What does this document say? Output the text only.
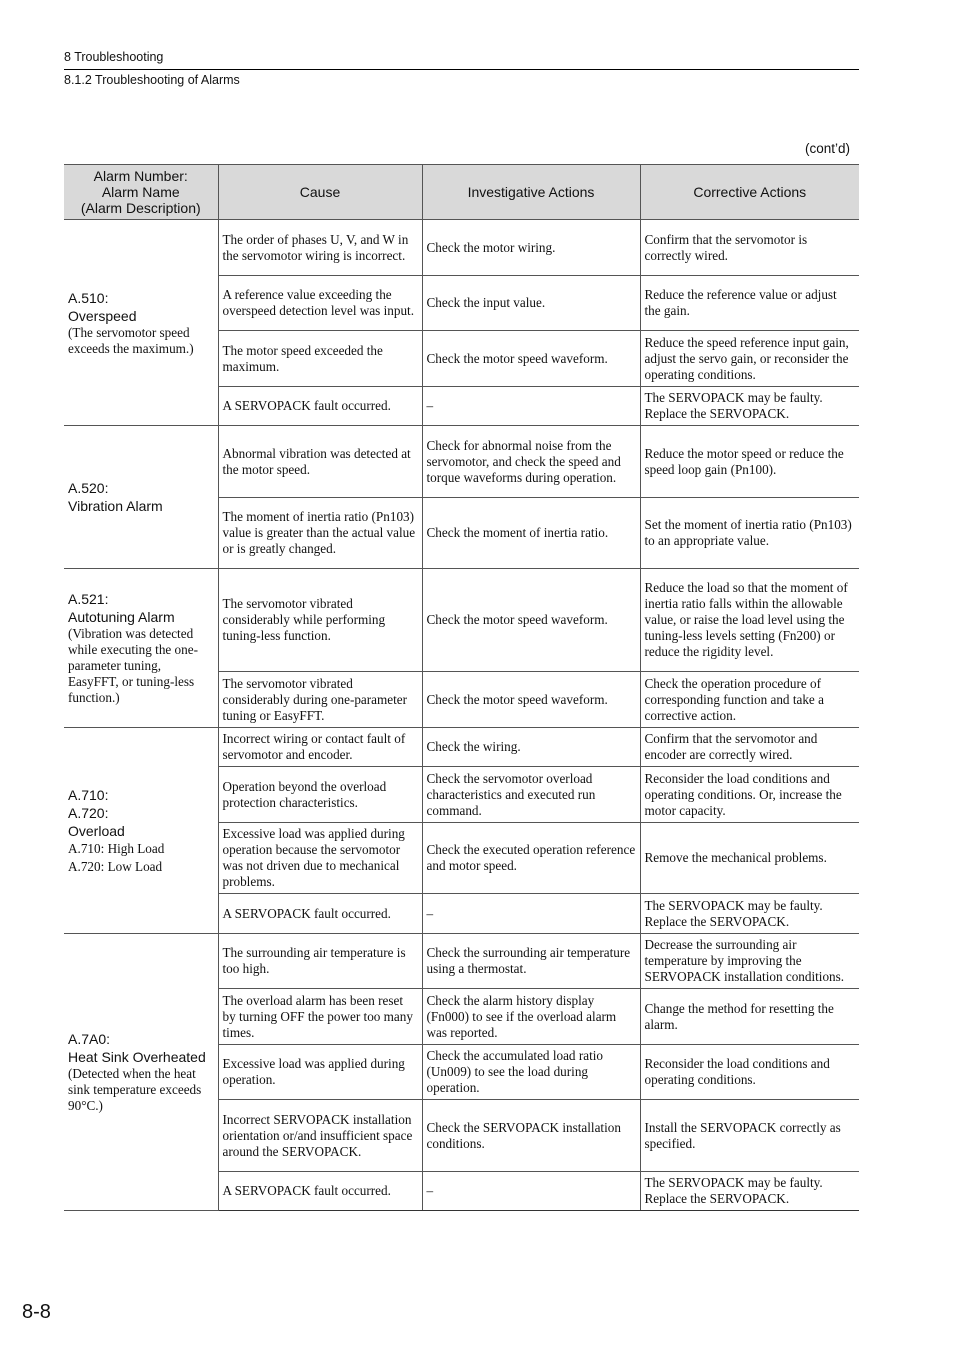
8 Troubleshooting
8.1.2 Troubleshooting of Alarms
(cont’d)
Alarm Number:
Alarm Name
(Alarm Description)	Cause	Investigative Actions	Corrective Actions

A.510:
Overspeed
(The servomotor speed exceeds the maximum.)	The order of phases U, V, and W in the servomotor wiring is incorrect.	Check the motor wiring.	Confirm that the servomotor is correctly wired.
	A reference value exceeding the overspeed detection level was input.	Check the input value.	Reduce the reference value or adjust the gain.
	The motor speed exceeded the maximum.	Check the motor speed waveform.	Reduce the speed reference input gain, adjust the servo gain, or reconsider the operating conditions.
	A SERVOPACK fault occurred.	–	The SERVOPACK may be faulty. Replace the SERVOPACK.

A.520:
Vibration Alarm	Abnormal vibration was detected at the motor speed.	Check for abnormal noise from the servomotor, and check the speed and torque waveforms during operation.	Reduce the motor speed or reduce the speed loop gain (Pn100).
	The moment of inertia ratio (Pn103) value is greater than the actual value or is greatly changed.	Check the moment of inertia ratio.	Set the moment of inertia ratio (Pn103) to an appropriate value.

A.521:
Autotuning Alarm
(Vibration was detected while executing the one-parameter tuning, EasyFFT, or tuning-less function.)	The servomotor vibrated considerably while performing tuning-less function.	Check the motor speed waveform.	Reduce the load so that the moment of inertia ratio falls within the allowable value, or raise the load level using the tuning-less levels setting (Fn200) or reduce the rigidity level.
	The servomotor vibrated considerably during one-parameter tuning or EasyFFT.	Check the motor speed waveform.	Check the operation procedure of corresponding function and take a corrective action.

A.710:
A.720:
Overload
A.710: High Load
A.720: Low Load	Incorrect wiring or contact fault of servomotor and encoder.	Check the wiring.	Confirm that the servomotor and encoder are correctly wired.
	Operation beyond the overload protection characteristics.	Check the servomotor overload characteristics and executed run command.	Reconsider the load conditions and operating conditions. Or, increase the motor capacity.
	Excessive load was applied during operation because the servomotor was not driven due to mechanical problems.	Check the executed operation reference and motor speed.	Remove the mechanical problems.
	A SERVOPACK fault occurred.	–	The SERVOPACK may be faulty. Replace the SERVOPACK.

A.7A0:
Heat Sink Overheated
(Detected when the heat sink temperature exceeds 90°C.)	The surrounding air temperature is too high.	Check the surrounding air temperature using a thermostat.	Decrease the surrounding air temperature by improving the SERVOPACK installation conditions.
	The overload alarm has been reset by turning OFF the power too many times.	Check the alarm history display (Fn000) to see if the overload alarm was reported.	Change the method for resetting the alarm.
	Excessive load was applied during operation.	Check the accumulated load ratio (Un009) to see the load during operation.	Reconsider the load conditions and operating conditions.
	Incorrect SERVOPACK installation orientation or/and insufficient space around the SERVOPACK.	Check the SERVOPACK installation conditions.	Install the SERVOPACK correctly as specified.
	A SERVOPACK fault occurred.	–	The SERVOPACK may be faulty. Replace the SERVOPACK.
8-8
